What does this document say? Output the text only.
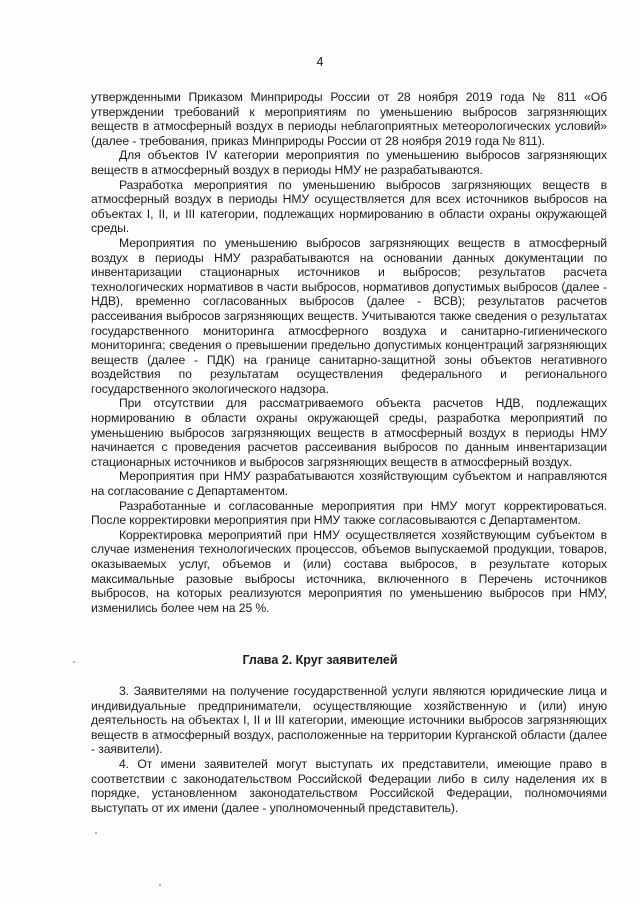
4

утвержденными Приказом Минприроды России от 28 ноября 2019 года № 811 «Об утверждении требований к мероприятиям по уменьшению выбросов загрязняющих веществ в атмосферный воздух в периоды неблагоприятных метеорологических условий» (далее - требования, приказ Минприроды России от 28 ноября 2019 года № 811).

Для объектов IV категории мероприятия по уменьшению выбросов загрязняющих веществ в атмосферный воздух в периоды НМУ не разрабатываются.

Разработка мероприятия по уменьшению выбросов загрязняющих веществ в атмосферный воздух в периоды НМУ осуществляется для всех источников выбросов на объектах I, II, и III категории, подлежащих нормированию в области охраны окружающей среды.

Мероприятия по уменьшению выбросов загрязняющих веществ в атмосферный воздух в периоды НМУ разрабатываются на основании данных документации по инвентаризации стационарных источников и выбросов; результатов расчета технологических нормативов в части выбросов, нормативов допустимых выбросов (далее - НДВ), временно согласованных выбросов (далее - ВСВ); результатов расчетов рассеивания выбросов загрязняющих веществ. Учитываются также сведения о результатах государственного мониторинга атмосферного воздуха и санитарно-гигиенического мониторинга; сведения о превышении предельно допустимых концентраций загрязняющих веществ (далее - ПДК) на границе санитарно-защитной зоны объектов негативного воздействия по результатам осуществления федерального и региональногo государственного экологического надзора.

При отсутствии для рассматриваемого объекта расчетов НДВ, подлежащих нормированию в области охраны окружающей среды, разработка мероприятий по уменьшению выбросов загрязняющих веществ в атмосферный воздух в периоды НМУ начинается с проведения расчетов рассеивания выбросов по данным инвентаризации стационарных источников и выбросов загрязняющих веществ в атмосферный воздух.

Мероприятия при НМУ разрабатываются хозяйствующим субъектом и направляются на согласование с Департаментом.

Разработанные и согласованные мероприятия при НМУ могут корректироваться. После корректировки мероприятия при НМУ также согласовываются с Департаментом.

Корректировка мероприятий при НМУ осуществляется хозяйствующим субъектом в случае изменения технологических процессов, объемов выпускаемой продукции, товаров, оказываемых услуг, объемов и (или) состава выбросов, в результате которых максимальные разовые выбросы источника, включенного в Перечень источников выбросов, на которых реализуются мероприятия по уменьшению выбросов при НМУ, изменились более чем на 25 %.

Глава 2. Круг заявителей

3. Заявителями на получение государственной услуги являются юридические лица и индивидуальные предприниматели, осуществляющие хозяйственную и (или) иную деятельность на объектах I, II и III категории, имеющие источники выбросов загрязняющих веществ в атмосферный воздух, расположенные на территории Курганской области (далее - заявители).

4. От имени заявителей могут выступать их представители, имеющие право в соответствии с законодательством Российской Федерации либо в силу наделения их в порядке, установленном законодательством Российской Федерации, полномочиями выступать от их имени (далее - уполномоченный представитель).
